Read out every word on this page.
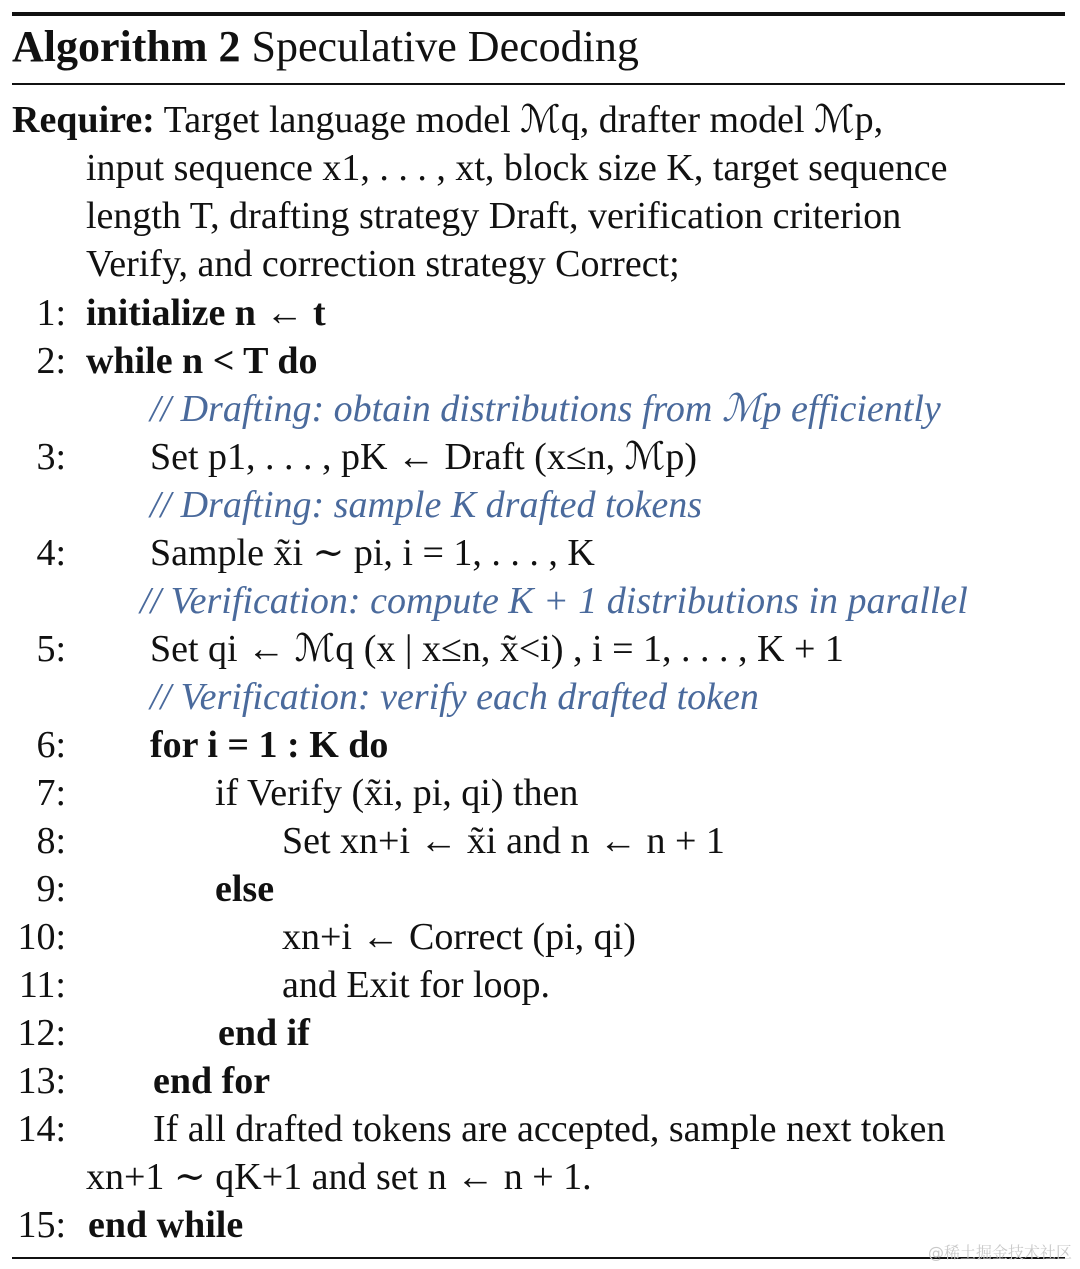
Algorithm 2 Speculative Decoding
Require: Target language model ℳq, drafter model ℳp,
input sequence x1, . . . , xt, block size K, target sequence
length T, drafting strategy Draft, verification criterion
Verify, and correction strategy Correct;
1: initialize n ← t
2: while n < T do
// Drafting: obtain distributions from ℳp efficiently
3: Set p1, . . . , pK ← Draft (x≤n, ℳp)
// Drafting: sample K drafted tokens
4: Sample x̃i ∼ pi, i = 1, . . . , K
// Verification: compute K + 1 distributions in parallel
5: Set qi ← ℳq (x | x≤n, x̃<i) , i = 1, . . . , K + 1
// Verification: verify each drafted token
6: for i = 1 : K do
7:	if Verify (x̃i, pi, qi) then
8:	Set xn+i ← x̃i and n ← n + 1
9:	else
10:	xn+i ← Correct (pi, qi)
11:	and Exit for loop.
12:	end if
13: end for
14: If all drafted tokens are accepted, sample next token
xn+1 ∼ qK+1 and set n ← n + 1.
15: end while
@稀土掘金技术社区
